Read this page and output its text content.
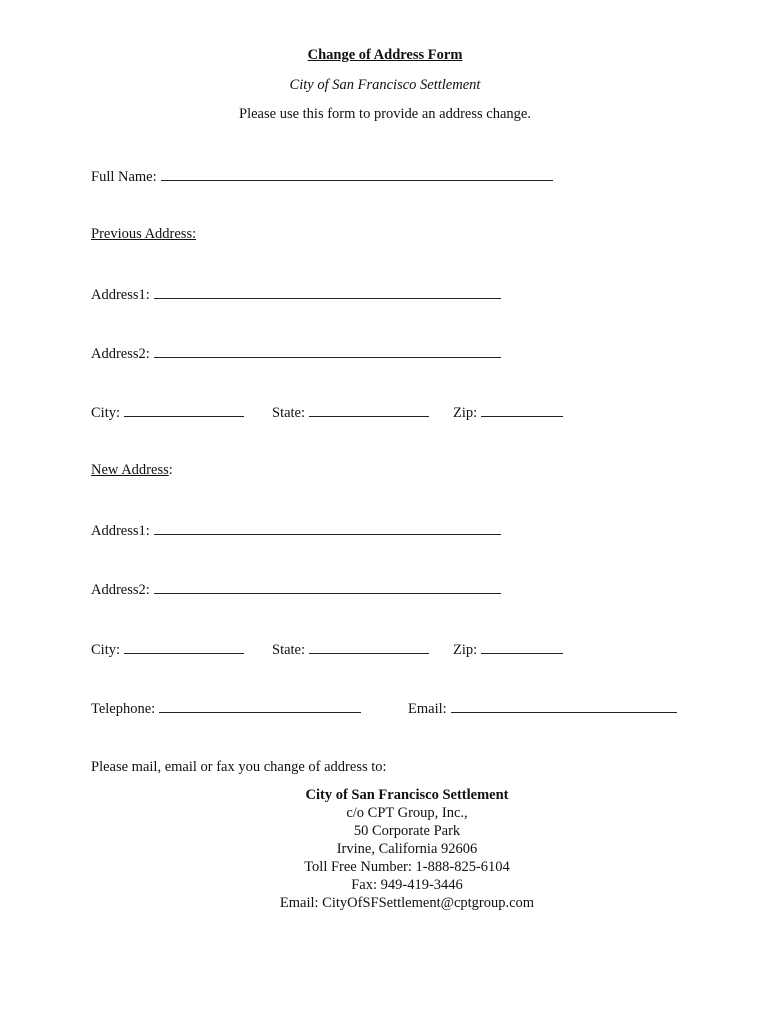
Change of Address Form
City of San Francisco Settlement
Please use this form to provide an address change.
Full Name:
Previous Address:
Address1:
Address2:
City:	State:	Zip:
New Address:
Address1:
Address2:
City:	State:	Zip:
Telephone:	Email:
Please mail, email or fax you change of address to:
City of San Francisco Settlement
c/o CPT Group, Inc.,
50 Corporate Park
Irvine, California 92606
Toll Free Number: 1-888-825-6104
Fax: 949-419-3446
Email: CityOfSFSettlement@cptgroup.com
